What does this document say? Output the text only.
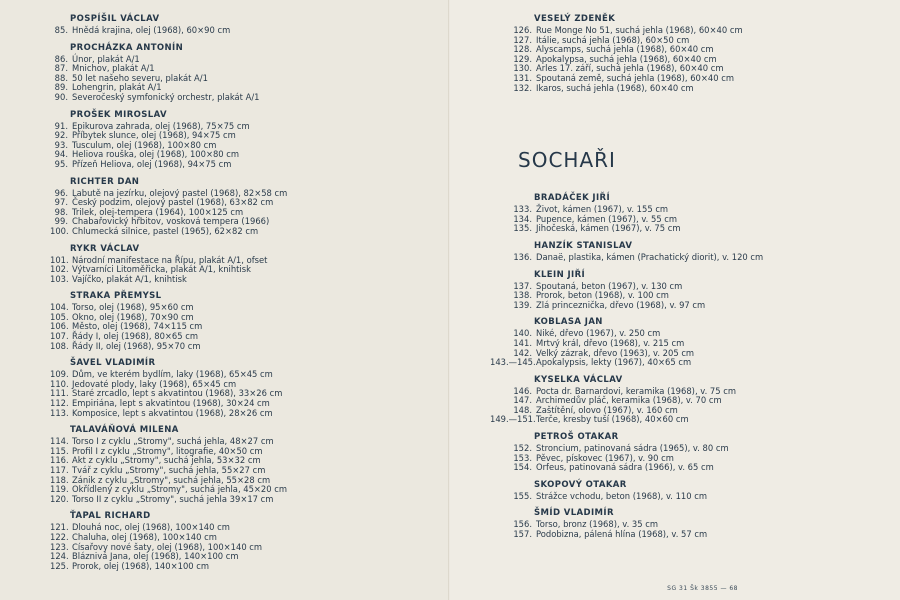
POSPÍŠIL VÁCLAV
85. Hnědá krajina, olej (1968), 60×90 cm
PROCHÁZKA ANTONÍN
86. Únor, plakát A/1
87. Mnichov, plakát A/1
88. 50 let našeho severu, plakát A/1
89. Lohengrin, plakát A/1
90. Severočeský symfonický orchestr, plakát A/1
PROŠEK MIROSLAV
91. Epikurova zahrada, olej (1968), 75×75 cm
92. Příbytek slunce, olej (1968), 94×75 cm
93. Tusculum, olej (1968), 100×80 cm
94. Heliova rouška, olej (1968), 100×80 cm
95. Přízeň Heliova, olej (1968), 94×75 cm
RICHTER DAN
96. Labutě na jezírku, olejový pastel (1968), 82×58 cm
97. Český podzim, olejový pastel (1968), 63×82 cm
98. Trilek, olej-tempera (1964), 100×125 cm
99. Chabařovický hřbitov, vosková tempera (1966)
100. Chlumecká silnice, pastel (1965), 62×82 cm
RYKR VÁCLAV
101. Národní manifestace na Řípu, plakát A/1, ofset
102. Výtvarníci Litoměřicka, plakát A/1, knihtisk
103. Vajíčko, plakát A/1, knihtisk
STRAKA PŘEMYSL
104. Torso, olej (1968), 95×60 cm
105. Okno, olej (1968), 70×90 cm
106. Město, olej (1968), 74×115 cm
107. Řády I, olej (1968), 80×65 cm
108. Řády II, olej (1968), 95×70 cm
ŠAVEL VLADIMÍR
109. Dům, ve kterém bydlím, laky (1968), 65×45 cm
110. Jedovaté plody, laky (1968), 65×45 cm
111. Staré zrcadlo, lept s akvatintou (1968), 33×26 cm
112. Empiriána, lept s akvatintou (1968), 30×24 cm
113. Komposice, lept s akvatintou (1968), 28×26 cm
TALAVÁŇOVÁ MILENA
114. Torso I z cyklu „Stromy", suchá jehla, 48×27 cm
115. Profil I z cyklu „Stromy", litografie, 40×50 cm
116. Akt z cyklu „Stromy", suchá jehla, 53×32 cm
117. Tvář z cyklu „Stromy", suchá jehla, 55×27 cm
118. Zánik z cyklu „Stromy", suchá jehla, 55×28 cm
119. Okřídlený z cyklu „Stromy", suchá jehla, 45×20 cm
120. Torso II z cyklu „Stromy", suchá jehla 39×17 cm
ŤAPAL RICHARD
121. Dlouhá noc, olej (1968), 100×140 cm
122. Chaluha, olej (1968), 100×140 cm
123. Císařovy nové šaty, olej (1968), 100×140 cm
124. Bláznivá Jana, olej (1968), 140×100 cm
125. Prorok, olej (1968), 140×100 cm
VESELÝ ZDENĚK
126. Rue Monge No 51, suchá jehla (1968), 60×40 cm
127. Itálie, suchá jehla (1968), 60×50 cm
128. Alyscamps, suchá jehla (1968), 60×40 cm
129. Apokalypsa, suchá jehla (1968), 60×40 cm
130. Arles 17. září, suchá jehla (1968), 60×40 cm
131. Spoutaná země, suchá jehla (1968), 60×40 cm
132. Ikaros, suchá jehla (1968), 60×40 cm
SOCHAŘI
BRADÁČEK JIŘÍ
133. Život, kámen (1967), v. 155 cm
134. Pupence, kámen (1967), v. 55 cm
135. Jihočeská, kámen (1967), v. 75 cm
HANZÍK STANISLAV
136. Danaë, plastika, kámen (Prachatický diorit), v. 120 cm
KLEIN JIŘÍ
137. Spoutaná, beton (1967), v. 130 cm
138. Prorok, beton (1968), v. 100 cm
139. Zlá princeznička, dřevo (1968), v. 97 cm
KOBLASA JAN
140. Niké, dřevo (1967), v. 250 cm
141. Mrtvý král, dřevo (1968), v. 215 cm
142. Velký zázrak, dřevo (1963), v. 205 cm
143.—145. Apokalypsis, lekty (1967), 40×65 cm
KYSELKA VÁCLAV
146. Pocta dr. Barnardovi, keramika (1968), v. 75 cm
147. Archimedův pláč, keramika (1968), v. 70 cm
148. Zaštítění, olovo (1967), v. 160 cm
149.—151. Terče, kresby tuší (1968), 40×60 cm
PETROŠ OTAKAR
152. Stroncium, patinovaná sádra (1965), v. 80 cm
153. Pěvec, pískovec (1967), v. 90 cm
154. Orfeus, patinovaná sádra (1966), v. 65 cm
SKOPOVÝ OTAKAR
155. Strážce vchodu, beton (1968), v. 110 cm
ŠMÍD VLADIMÍR
156. Torso, bronz (1968), v. 35 cm
157. Podobizna, pálená hlína (1968), v. 57 cm
SG 31 Šk 3855 — 68
